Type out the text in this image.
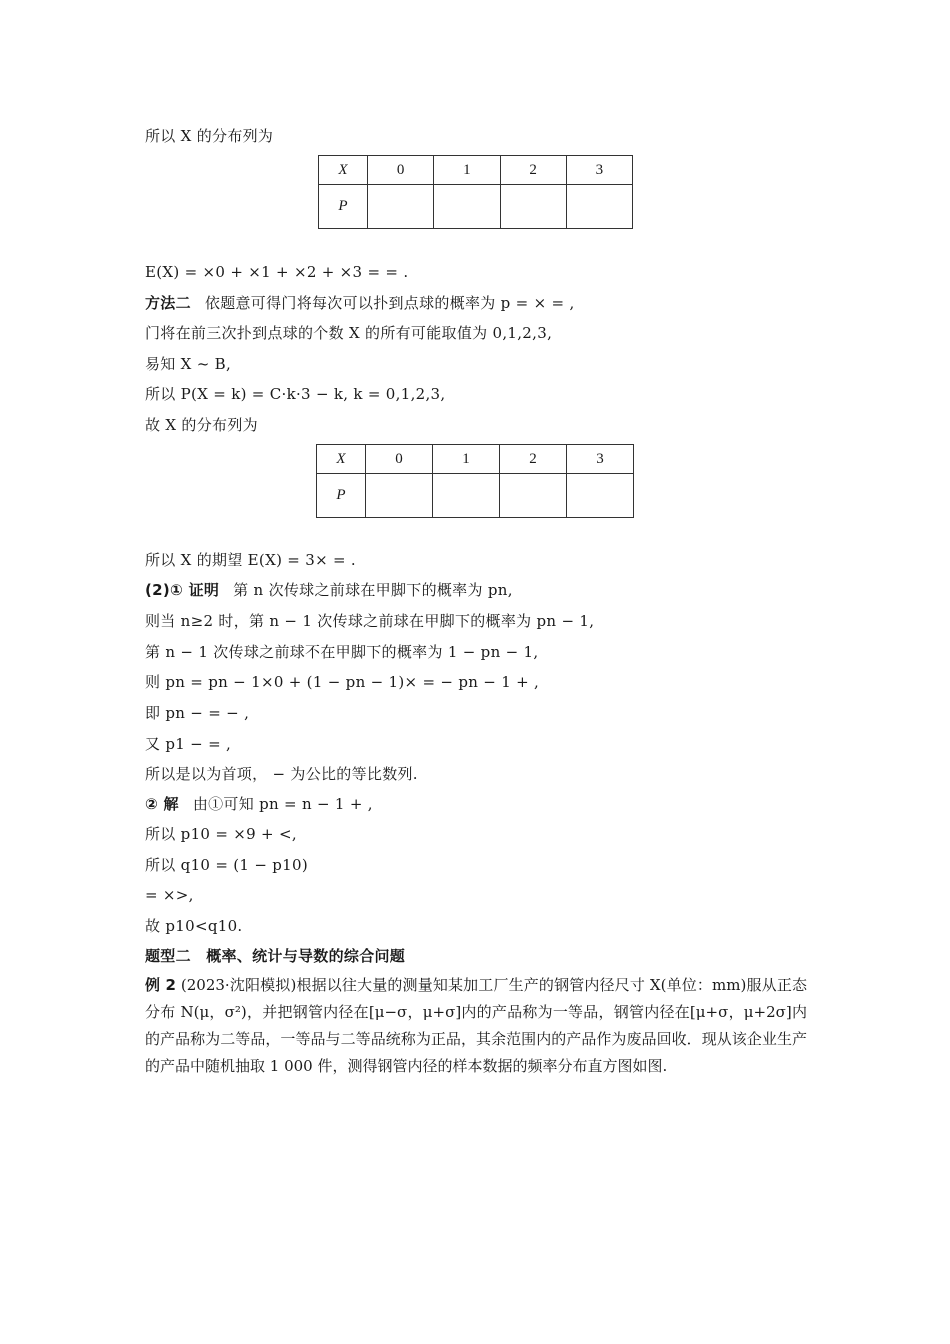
所以 X 的分布列为
X	0	1	2	3
P				
E(X) = ×0 + ×1 + ×2 + ×3 = = .
方法二 依题意可得门将每次可以扑到点球的概率为 p = × = ,
门将在前三次扑到点球的个数 X 的所有可能取值为 0,1,2,3,
易知 X ~ B,
所以 P(X = k) = C·k·3 − k, k = 0,1,2,3,
故 X 的分布列为
X	0	1	2	3
P				
所以 X 的期望 E(X) = 3× = .
(2)① 证明 第 n 次传球之前球在甲脚下的概率为 pn,
则当 n≥2 时，第 n − 1 次传球之前球在甲脚下的概率为 pn − 1,
第 n − 1 次传球之前球不在甲脚下的概率为 1 − pn − 1,
则 pn = pn − 1×0 + (1 − pn − 1)× = − pn − 1 + ,
即 pn − = − ,
又 p1 − = ,
所以是以为首项， − 为公比的等比数列.
② 解 由①可知 pn = n − 1 + ,
所以 p10 = ×9 + <,
所以 q10 = (1 − p10)
= ×>,
故 p10<q10.
题型二　概率、统计与导数的综合问题
例 2 (2023·沈阳模拟)根据以往大量的测量知某加工厂生产的钢管内径尺寸 X(单位：mm)服从正态分布 N(μ，σ²)，并把钢管内径在[μ−σ，μ+σ]内的产品称为一等品，钢管内径在[μ+σ，μ+2σ]内的产品称为二等品，一等品与二等品统称为正品，其余范围内的产品作为废品回收．现从该企业生产的产品中随机抽取 1 000 件，测得钢管内径的样本数据的频率分布直方图如图.
